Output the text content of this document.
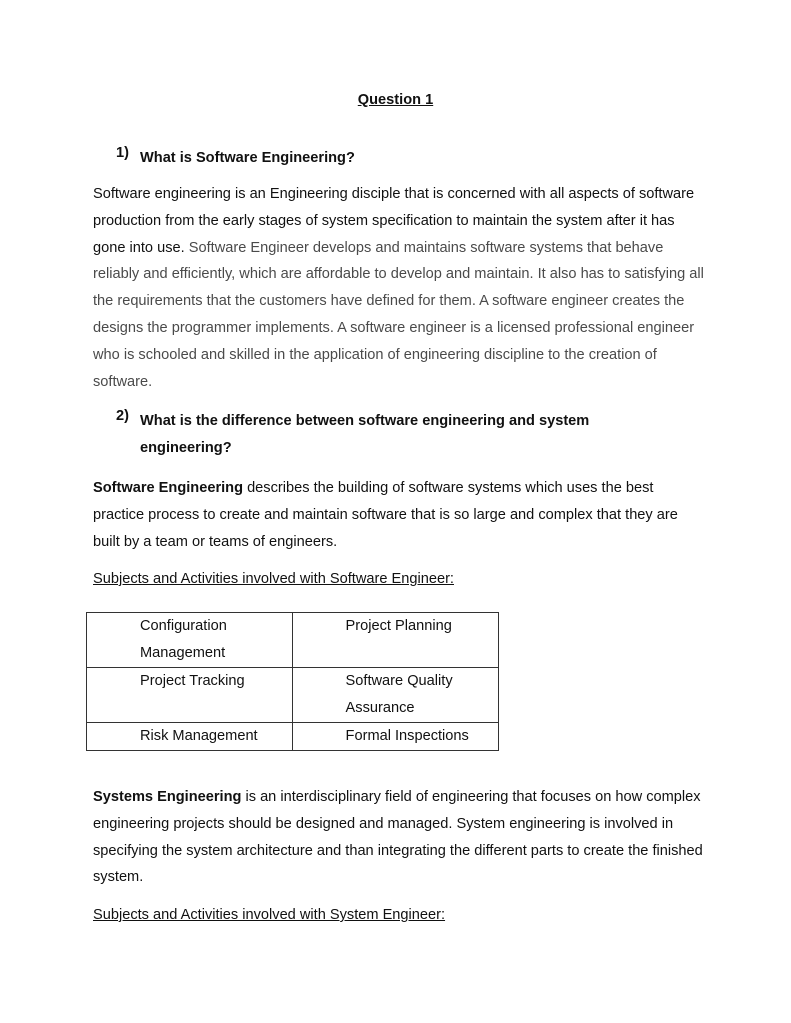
Question 1
1) What is Software Engineering?
Software engineering is an Engineering disciple that is concerned with all aspects of software production from the early stages of system specification to maintain the system after it has gone into use. Software Engineer develops and maintains software systems that behave reliably and efficiently, which are affordable to develop and maintain. It also has to satisfying all the requirements that the customers have defined for them. A software engineer creates the designs the programmer implements. A software engineer is a licensed professional engineer who is schooled and skilled in the application of engineering discipline to the creation of software.
2) What is the difference between software engineering and system engineering?
Software Engineering describes the building of software systems which uses the best practice process to create and maintain software that is so large and complex that they are built by a team or teams of engineers.
Subjects and Activities involved with Software Engineer:
Configuration Management	Project Planning
Project Tracking	Software Quality Assurance
Risk Management	Formal Inspections
Systems Engineering is an interdisciplinary field of engineering that focuses on how complex engineering projects should be designed and managed. System engineering is involved in specifying the system architecture and than integrating the different parts to create the finished system.
Subjects and Activities involved with System Engineer:
